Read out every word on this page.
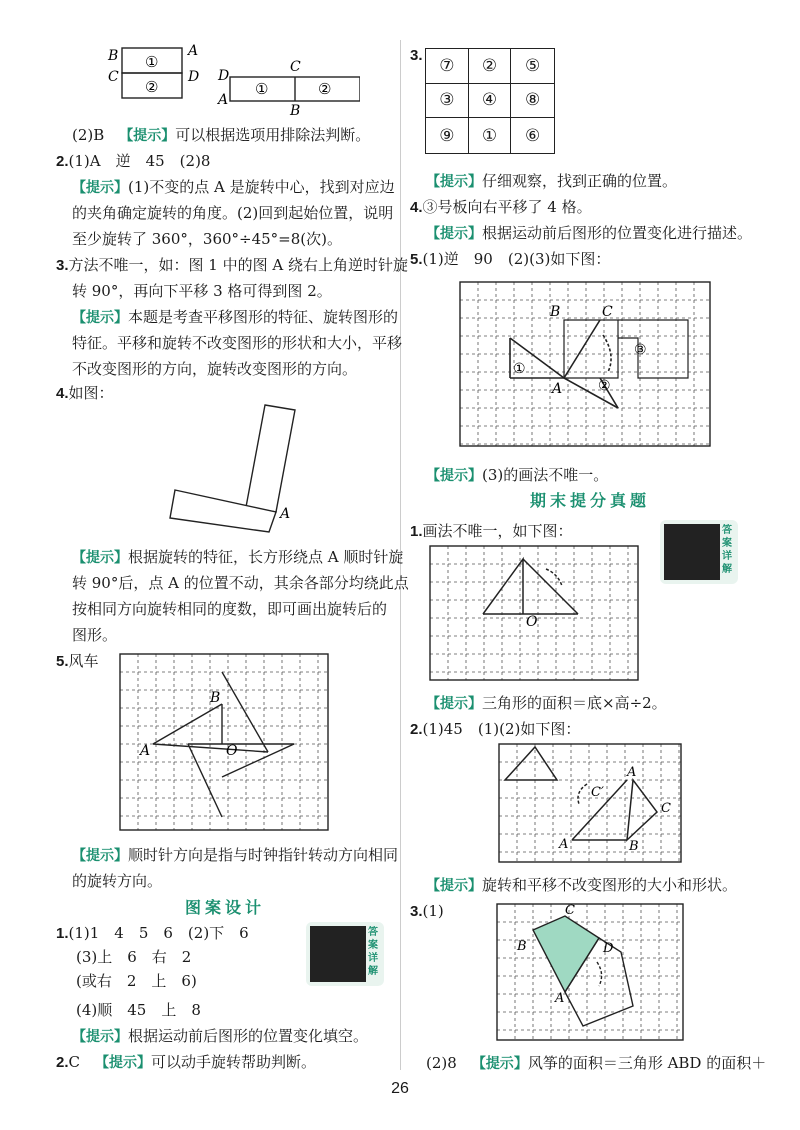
B	A
C	D
①
②
D
C
A
B
①	②
(2)B　 【提示】可以根据选项用排除法判断。
2.(1)A　逆　45　(2)8
【提示】(1)不变的点 A 是旋转中心，找到对应边
的夹角确定旋转的角度。(2)回到起始位置，说明
至少旋转了 360°，360°÷45°=8(次)。
3.方法不唯一，如：图 1 中的图 A 绕右上角逆时针旋
转 90°，再向下平移 3 格可得到图 2。
【提示】本题是考查平移图形的特征、旋转图形的
特征。平移和旋转不改变图形的形状和大小，平移
不改变图形的方向，旋转改变图形的方向。
4.如图：
A
【提示】根据旋转的特征，长方形绕点 A 顺时针旋
转 90°后，点 A 的位置不动，其余各部分均绕此点
按相同方向旋转相同的度数，即可画出旋转后的
图形。
5.风车
A
B
O
【提示】顺时针方向是指与时钟指针转动方向相同
的旋转方向。
图案设计
1.(1)1　4　5　6　(2)下　6
(3)上　6　右　2
(或右　2　上　6)
(4)顺　45　上　8
【提示】根据运动前后图形的位置变化填空。
2.C　 【提示】可以动手旋转帮助判断。
答案详解
3.
⑦	②	⑤
③	④	⑧
⑨	①	⑥
【提示】仔细观察，找到正确的位置。
4.③号板向右平移了 4 格。
【提示】根据运动前后图形的位置变化进行描述。
5.(1)逆　90　(2)(3)如下图：
B	C
A
①
②
③
【提示】(3)的画法不唯一。
期末提分真题
1.画法不唯一，如下图：
O
答案详解
【提示】三角形的面积＝底×高÷2。
2.(1)45　(1)(2)如下图：
A
B
C
C′
A
【提示】旋转和平移不改变图形的大小和形状。
3.(1)	C
B	D
A
(2)8　 【提示】风筝的面积＝三角形 ABD 的面积＋
26
